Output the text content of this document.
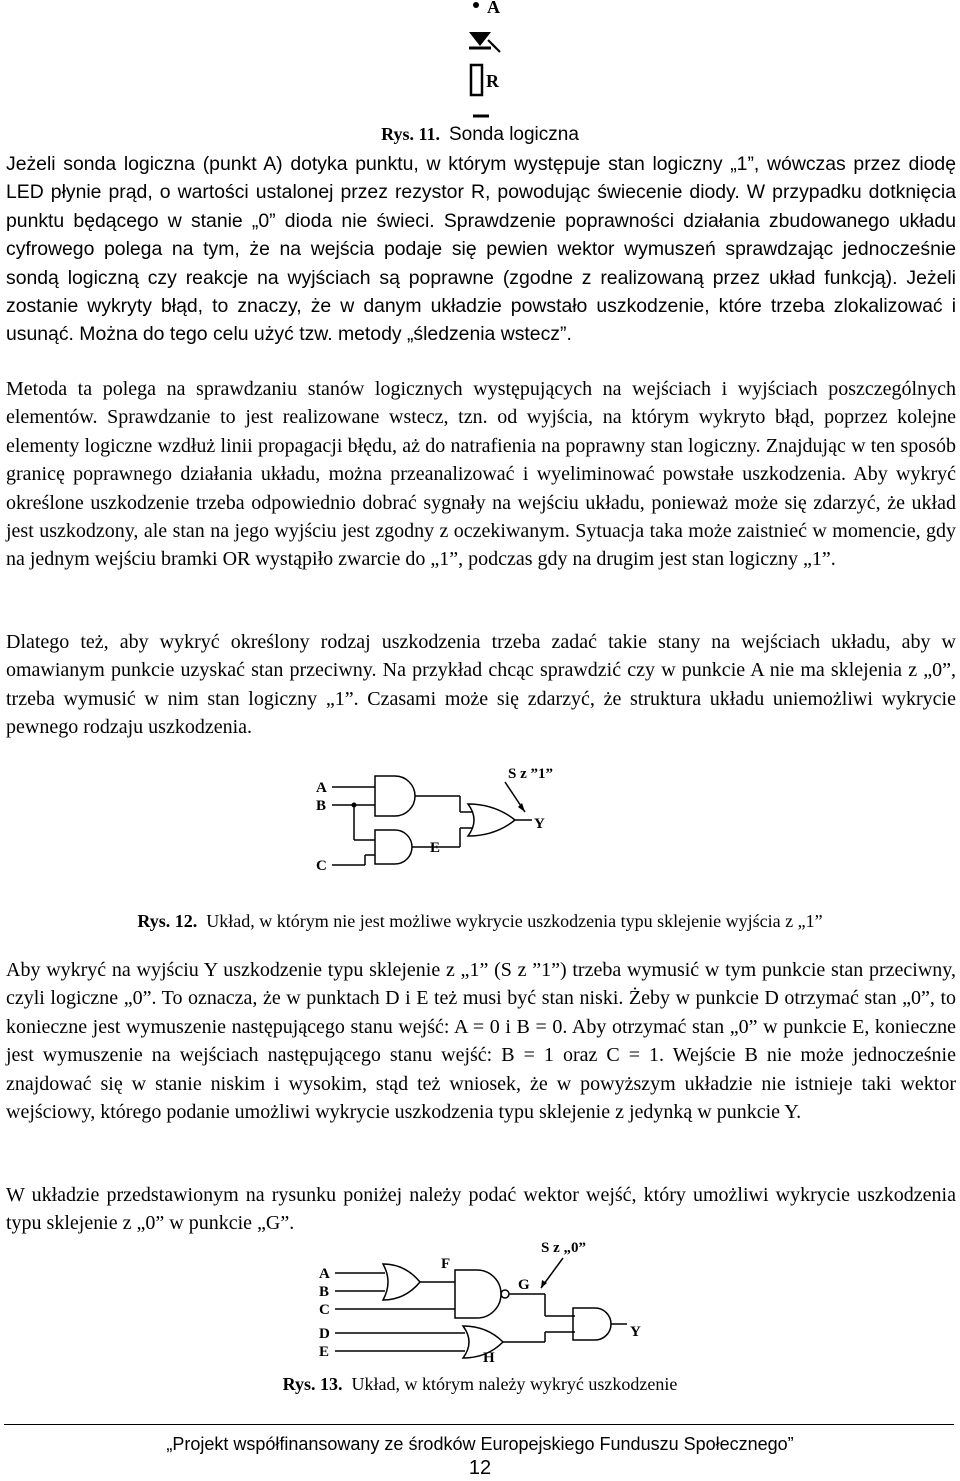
A
R
Rys. 11. Sonda logiczna

Jeżeli sonda logiczna (punkt A) dotyka punktu, w którym występuje stan logiczny „1”, wówczas przez diodę LED płynie prąd, o wartości ustalonej przez rezystor R, powodując świecenie diody. W przypadku dotknięcia punktu będącego w stanie „0” dioda nie świeci. Sprawdzenie poprawności działania zbudowanego układu cyfrowego polega na tym, że na wejścia podaje się pewien wektor wymuszeń sprawdzając jednocześnie sondą logiczną czy reakcje na wyjściach są poprawne (zgodne z realizowaną przez układ funkcją). Jeżeli zostanie wykryty błąd, to znaczy, że w danym układzie powstało uszkodzenie, które trzeba zlokalizować i usunąć. Można do tego celu użyć tzw. metody „śledzenia wstecz”.

Metoda ta polega na sprawdzaniu stanów logicznych występujących na wejściach i wyjściach poszczególnych elementów. Sprawdzanie to jest realizowane wstecz, tzn. od wyjścia, na którym wykryto błąd, poprzez kolejne elementy logiczne wzdłuż linii propagacji błędu, aż do natrafienia na poprawny stan logiczny. Znajdując w ten sposób granicę poprawnego działania układu, można przeanalizować i wyeliminować powstałe uszkodzenia. Aby wykryć określone uszkodzenie trzeba odpowiednio dobrać sygnały na wejściu układu, ponieważ może się zdarzyć, że układ jest uszkodzony, ale stan na jego wyjściu jest zgodny z oczekiwanym. Sytuacja taka może zaistnieć w momencie, gdy na jednym wejściu bramki OR wystąpiło zwarcie do „1”, podczas gdy na drugim jest stan logiczny „1”.

Dlatego też, aby wykryć określony rodzaj uszkodzenia trzeba zadać takie stany na wejściach układu, aby w omawianym punkcie uzyskać stan przeciwny. Na przykład chcąc sprawdzić czy w punkcie A nie ma sklejenia z „0”, trzeba wymusić w nim stan logiczny „1”. Czasami może się zdarzyć, że struktura układu uniemożliwi wykrycie pewnego rodzaju uszkodzenia.

A
B
C
E
Y
S z ”1”
Rys. 12. Układ, w którym nie jest możliwe wykrycie uszkodzenia typu sklejenie wyjścia z „1”

Aby wykryć na wyjściu Y uszkodzenie typu sklejenie z „1” (S z ”1”) trzeba wymusić w tym punkcie stan przeciwny, czyli logiczne „0”. To oznacza, że w punktach D i E też musi być stan niski. Żeby w punkcie D otrzymać stan „0”, to konieczne jest wymuszenie następującego stanu wejść: A = 0 i B = 0. Aby otrzymać stan „0” w punkcie E, konieczne jest wymuszenie na wejściach następującego stanu wejść: B = 1 oraz C = 1. Wejście B nie może jednocześnie znajdować się w stanie niskim i wysokim, stąd też wniosek, że w powyższym układzie nie istnieje taki wektor wejściowy, którego podanie umożliwi wykrycie uszkodzenia typu sklejenie z jedynką w punkcie Y.

W układzie przedstawionym na rysunku poniżej należy podać wektor wejść, który umożliwi wykrycie uszkodzenia typu sklejenie z „0” w punkcie „G”.

S z „0”
A
B
C
D
E
F
G
H
Y
Rys. 13. Układ, w którym należy wykryć uszkodzenie
„Projekt współfinansowany ze środków Europejskiego Funduszu Społecznego”
12
